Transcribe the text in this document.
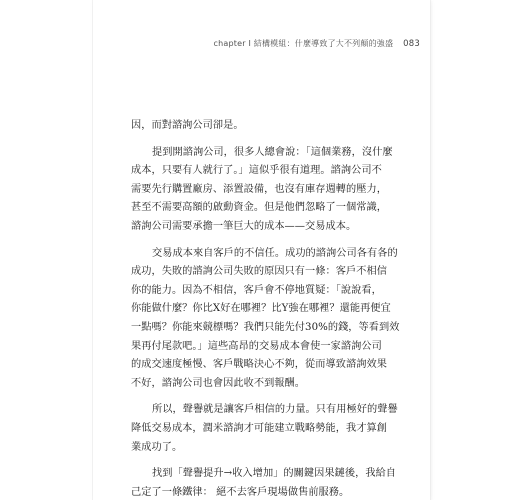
chapter I 結構模組：什麼導致了大不列顛的強盛 083
因，而對諮詢公司卻是。
提到開諮詢公司，很多人總會說：「這個業務，沒什麼
成本，只要有人就行了。」這似乎很有道理。諮詢公司不
需要先行購置廠房、添置設備，也沒有庫存週轉的壓力，
甚至不需要高額的啟動資金。但是他們忽略了一個常識，
諮詢公司需要承擔一筆巨大的成本——交易成本。
交易成本來自客戶的不信任。成功的諮詢公司各有各的
成功，失敗的諮詢公司失敗的原因只有一條：客戶不相信
你的能力。因為不相信，客戶會不停地質疑：「說說看，
你能做什麼？你比X好在哪裡？比Y強在哪裡？還能再便宜
一點嗎？你能來競標嗎？我們只能先付30%的錢，等看到效
果再付尾款吧。」這些高昂的交易成本會使一家諮詢公司
的成交速度極慢、客戶戰略決心不夠，從而導致諮詢效果
不好，諮詢公司也會因此收不到報酬。
所以，聲譽就是讓客戶相信的力量。只有用極好的聲譽
降低交易成本，潤米諮詢才可能建立戰略勢能，我才算創
業成功了。
找到「聲譽提升→收入增加」的關鍵因果鏈後，我給自
己定了一條鐵律： 絕不去客戶現場做售前服務。
